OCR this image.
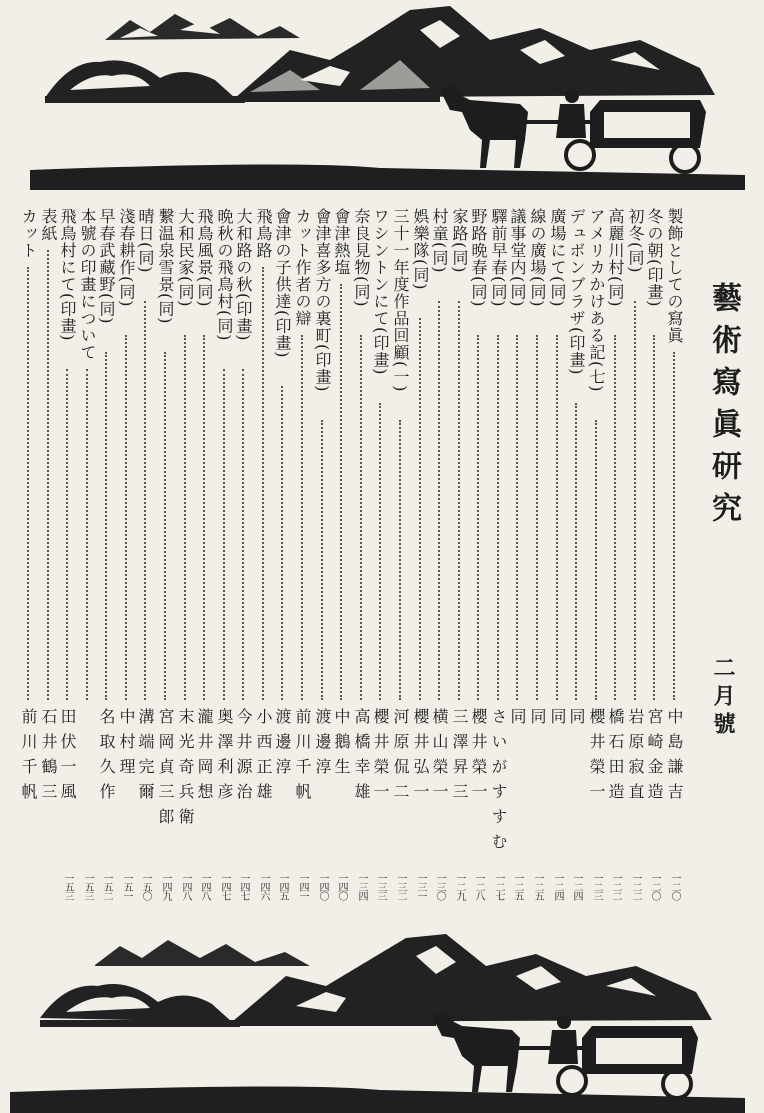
藝術寫眞研究
二月號
製飾としての寫眞
中島謙吉
一二〇
冬の朝(印畫)
宮崎金造
一二〇
初冬(同)
岩原寂直
一二二
高麗川村(同)
橋石田造
一二二
アメリカかけある記(七)
櫻井榮一
一二三
デュボンブラザ(印畫)
同
一二四
廣場にて(同)
同
一二四
線の廣場(同)
同
一二五
議事堂内(同)
同
一二五
驛前早春(同)
さいがすすむ
一二七
野路晩春(同)
櫻井榮一
一二八
家路(同)
三澤昇三
一二九
村童(同)
横山榮一
一三〇
娯樂隊(同)
櫻井弘一
一三一
三十一年度作品回顧(一)
河原侃二
一三二
ワシントンにて(印畫)
櫻井榮一
一三三
奈良見物(同)
高橋幸雄
一三四
會津熱塩
中鵝生
一四〇
會津喜多方の裏町(印畫)
渡邊淳
一四〇
カット作者の辯
前川千帆
一四一
會津の子供達(印畫)
渡邊淳
一四五
飛鳥路
小西正雄
一四六
大和路の秋(印畫)
今井源治
一四七
晩秋の飛鳥村(同)
奥澤利彦
一四七
飛鳥風景(同)
瀧井岡想
一四八
大和民家(同)
末光奇兵衛
一四八
繋温泉雪景(同)
宮岡貞三郎
一四九
晴日(同)
溝端完爾
一五〇
淺春耕作(同)
中村理
一五一
早春武藏野(同)
名取久作
一五二
本號の印畫について
一五三
飛鳥村にて(印畫)
田伏一風
一五三
表紙
石井鶴三
カット
前川千帆
